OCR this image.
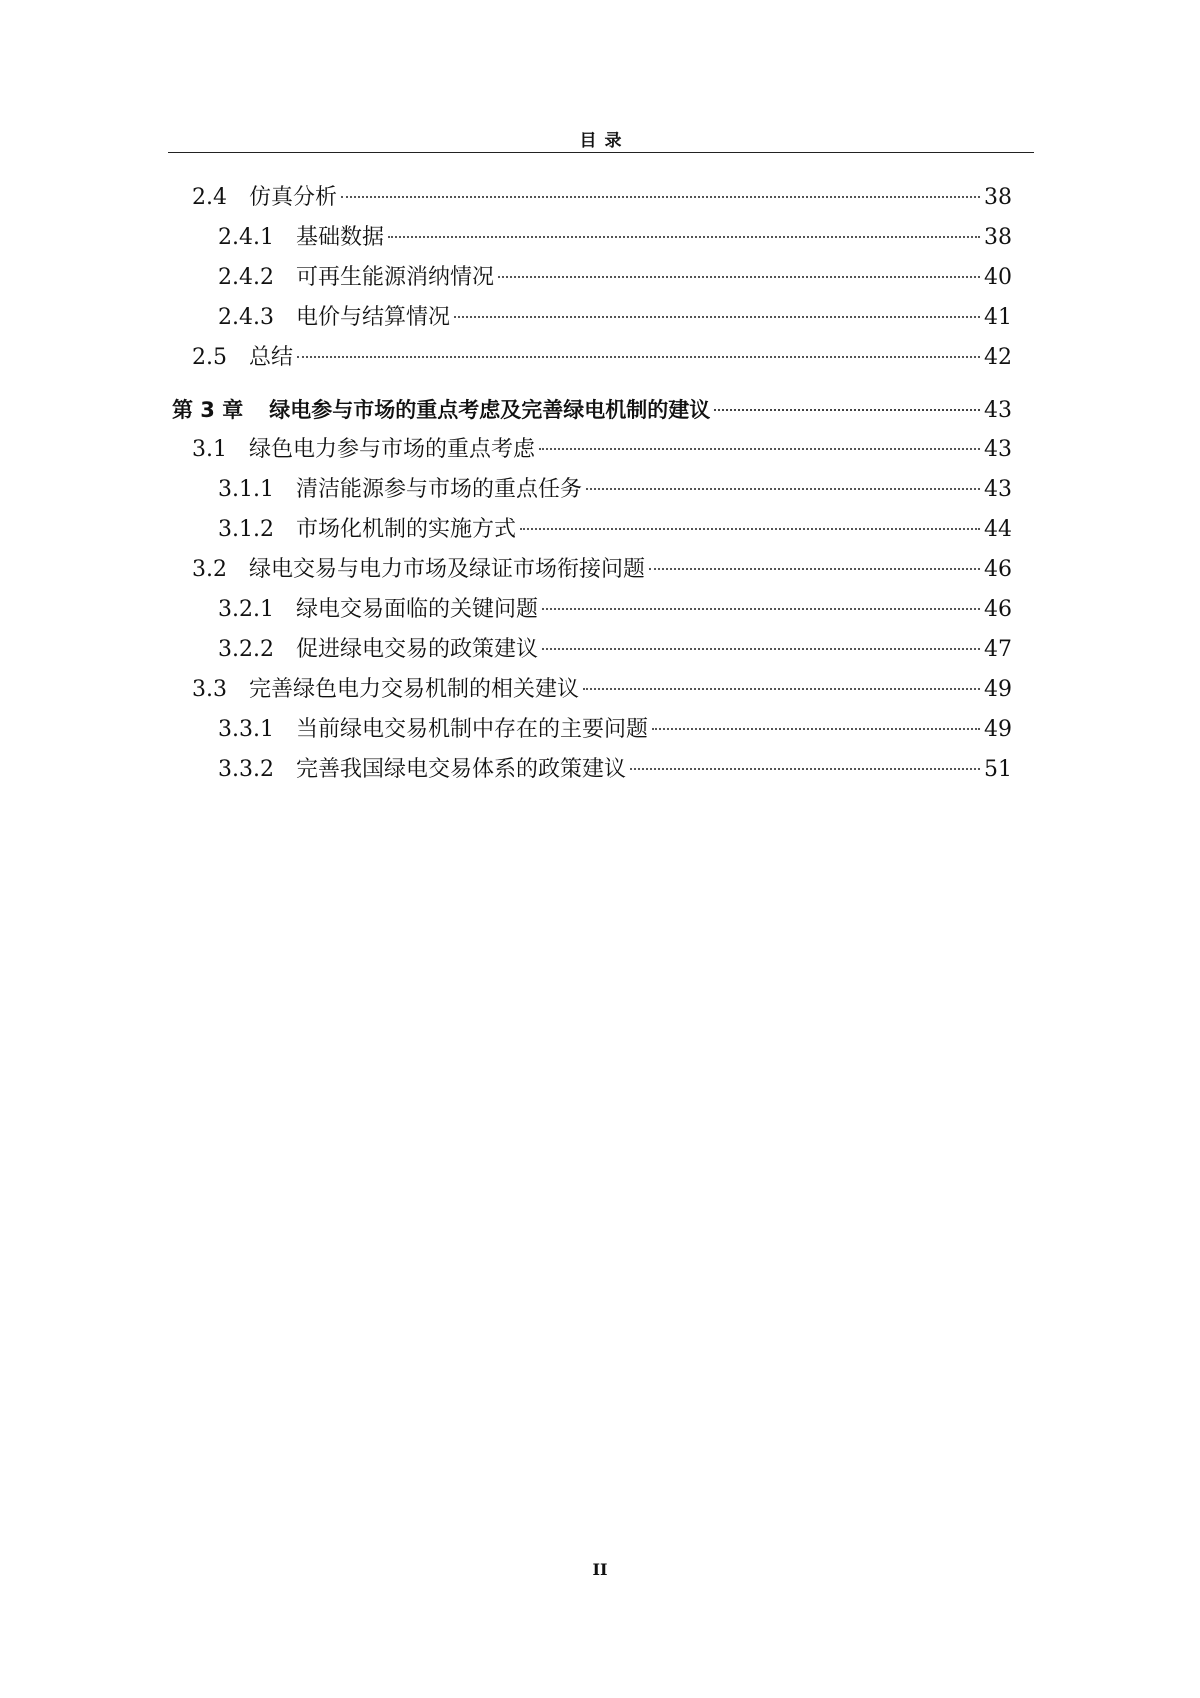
目 录
2.4 仿真分析	38
2.4.1 基础数据	38
2.4.2 可再生能源消纳情况	40
2.4.3 电价与结算情况	41
2.5 总结	42
第 3 章 绿电参与市场的重点考虑及完善绿电机制的建议	43
3.1 绿色电力参与市场的重点考虑	43
3.1.1 清洁能源参与市场的重点任务	43
3.1.2 市场化机制的实施方式	44
3.2 绿电交易与电力市场及绿证市场衔接问题	46
3.2.1 绿电交易面临的关键问题	46
3.2.2 促进绿电交易的政策建议	47
3.3 完善绿色电力交易机制的相关建议	49
3.3.1 当前绿电交易机制中存在的主要问题	49
3.3.2 完善我国绿电交易体系的政策建议	51
II
